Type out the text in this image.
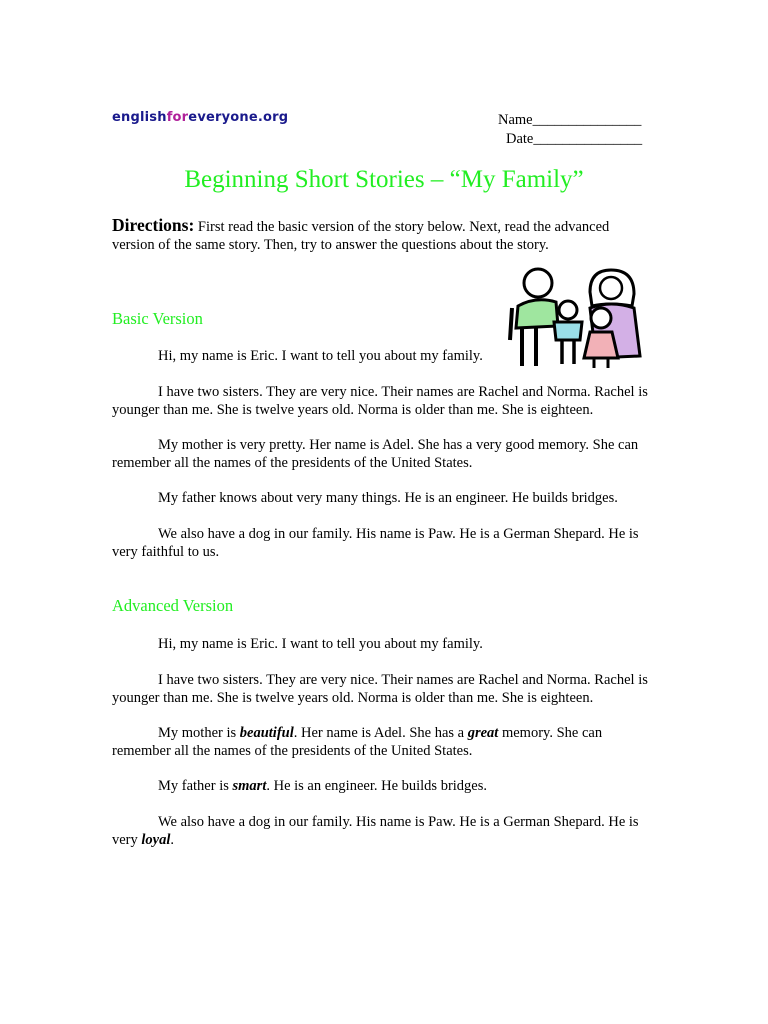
englishforeveryone.org	Name_______________
Date_______________
Beginning Short Stories – “My Family”
Directions: First read the basic version of the story below. Next, read the advanced version of the same story. Then, try to answer the questions about the story.
Basic Version
Hi, my name is Eric. I want to tell you about my family.
I have two sisters. They are very nice. Their names are Rachel and Norma. Rachel is younger than me. She is twelve years old. Norma is older than me. She is eighteen.
My mother is very pretty. Her name is Adel. She has a very good memory. She can remember all the names of the presidents of the United States.
My father knows about very many things. He is an engineer. He builds bridges.
We also have a dog in our family. His name is Paw. He is a German Shepard. He is very faithful to us.
Advanced Version
Hi, my name is Eric. I want to tell you about my family.
I have two sisters. They are very nice. Their names are Rachel and Norma. Rachel is younger than me. She is twelve years old. Norma is older than me. She is eighteen.
My mother is beautiful. Her name is Adel. She has a great memory. She can remember all the names of the presidents of the United States.
My father is smart. He is an engineer. He builds bridges.
We also have a dog in our family. His name is Paw. He is a German Shepard. He is very loyal.
